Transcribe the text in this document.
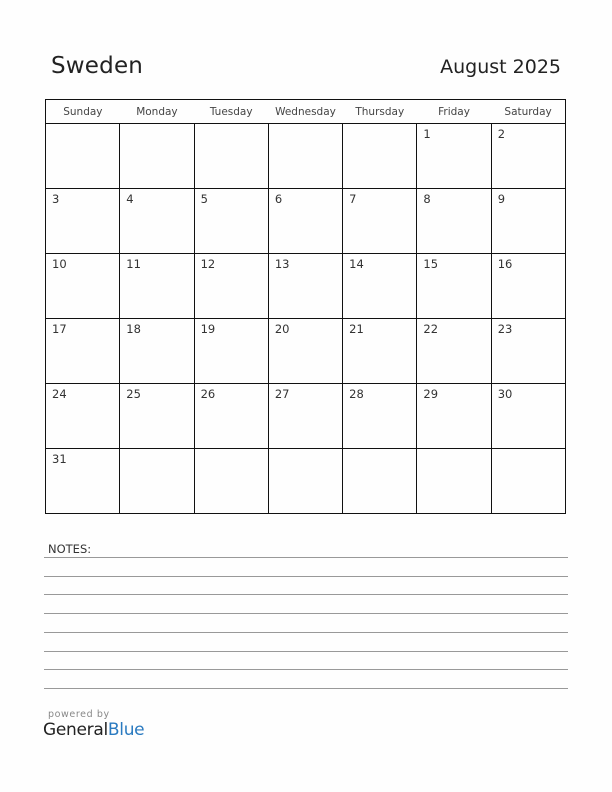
Sweden	August 2025
Sunday	Monday	Tuesday	Wednesday	Thursday	Friday	Saturday

					1	2

3	4	5	6	7	8	9

10	11	12	13	14	15	16

17	18	19	20	21	22	23

24	25	26	27	28	29	30

31						

NOTES:
powered by
GeneralBlue
